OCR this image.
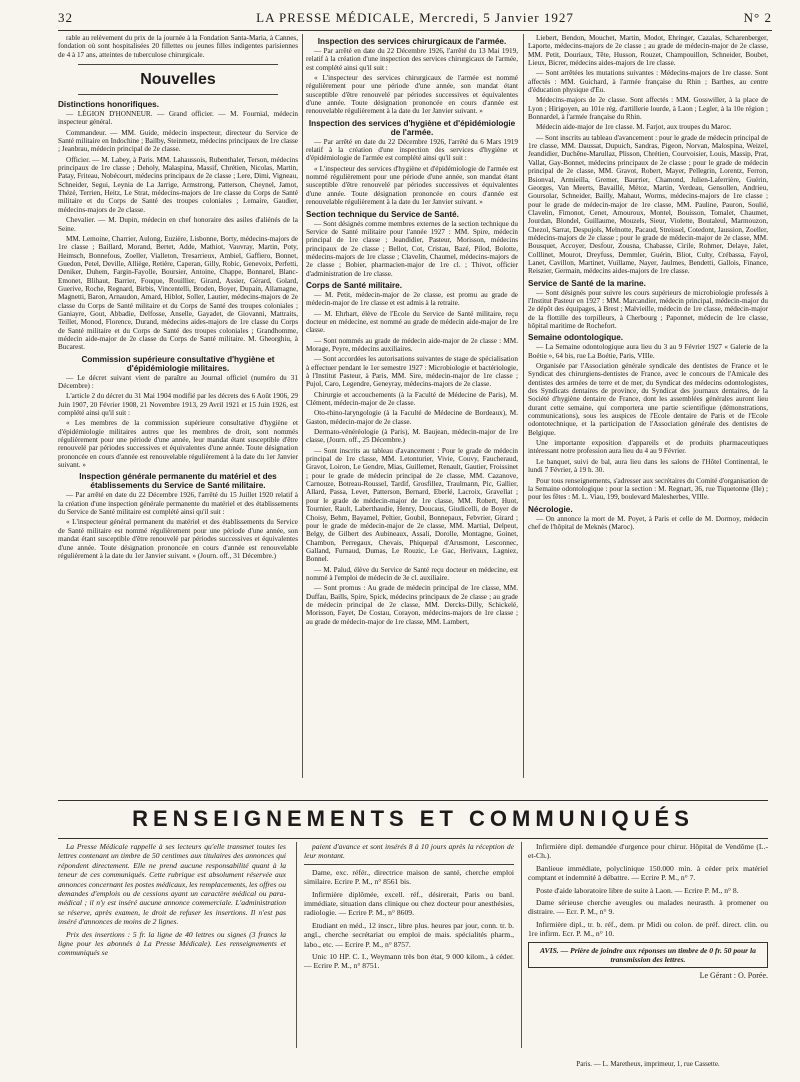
32	LA PRESSE MÉDICALE, Mercredi, 5 Janvier 1927	N° 2

rable au relèvement du prix de la journée à la Fondation Santa-Maria, à Cannes, fondation où sont hospitalisées 20 fillettes ou jeunes filles indigentes parisiennes de 4 à 17 ans, atteintes de tuberculose chirurgicale.

Nouvelles
Distinctions honorifiques.

— LÉGION D'HONNEUR. — Grand officier. — M. Fournial, médecin inspecteur général.

Commandeur. — MM. Guide, médecin inspecteur, directeur du Service de Santé militaire en Indochine ; Bailby, Steinmetz, médecins principaux de 1re classe ; Jeanbrau, médecin principal de 2e classe.

Officier. — M. Labey, à Paris. MM. Lahaussois, Rubenthaler, Terson, médecins principaux de 1re classe ; Deholy, Malaspina, Massif, Chrétien, Nicolas, Martin, Patay, Friteau, Nobécourt, médecins principaux de 2e classe ; Lere, Dimi, Vigneau, Schneider, Segui, Leynia de La Jarrige, Armstrong, Patterson, Cheynel, Jamot, Thézé, Terrien, Heitz, Le Strat, médecins-majors de 1re classe du Corps de Santé militaire et du Corps de Santé des troupes coloniales ; Lemaire, Gaudier, médecins-majors de 2e classe.

Chevalier. — M. Dupin, médecin en chef honoraire des asiles d'aliénés de la Seine.

MM. Lemoine, Charrier, Aulong, Euzière, Lisbonne, Borty, médecins-majors de 1re classe ; Baillard, Morand, Bertet, Adde, Mathiot, Vauvray, Martin, Poty, Heimsch, Bonnefous, Zoeller, Vialleton, Tresarrieux, Ambiel, Gaffiero, Bonnet, Guedon, Petel, Deville, Alliège, Retière, Caperan, Gilly, Robic, Genevoix, Perfetti, Deniker, Duhem, Fargin-Fayolle, Boursier, Antoine, Chappe, Bonnarel, Blanc-Emonet, Blihaut, Barrier, Fouque, Rouillier, Girard, Assier, Gérard, Golard, Guerive, Roche, Regnard, Birbis, Vincentelli, Broden, Boyer, Dupain, Allamagne, Magnetti, Baron, Arnaudon, Amard, Hiblot, Soller, Lautier, médecins-majors de 2e classe du Corps de Santé militaire et du Corps de Santé des troupes coloniales ; Ganiayre, Gout, Abbadie, Delfosse, Anselle, Gayadet, de Giovanni, Mattraits, Teillet, Monod, Florence, Durand, médecins aides-majors de 1re classe du Corps de Santé militaire et du Corps de Santé des troupes coloniales ; Grandhomme, médecin aide-major de 2e classe du Corps de Santé militaire. M. Gheorghiu, à Bucarest.

Commission supérieure consultative d'hygiène et d'épidémiologie militaires.

— Le décret suivant vient de paraître au Journal officiel (numéro du 31 Décembre) :

L'article 2 du décret du 31 Mai 1904 modifié par les décrets des 6 Août 1906, 29 Juin 1907, 20 Février 1908, 21 Novembre 1913, 29 Avril 1921 et 15 Juin 1926, est complété ainsi qu'il suit :

« Les membres de la commission supérieure consultative d'hygiène et d'épidémiologie militaires autres que les membres de droit, sont nommés régulièrement pour une période d'une année, leur mandat étant susceptible d'être renouvelé par périodes successives et équivalentes d'une année. Toute désignation prononcée en cours d'année est renouvelable régulièrement à la date du 1er Janvier suivant. »

Inspection générale permanente du matériel et des établissements du Service de Santé militaire.

— Par arrêté en date du 22 Décembre 1926, l'arrêté du 15 Juillet 1920 relatif à la création d'une inspection générale permanente du matériel et des établissements du Service de Santé militaire est complété ainsi qu'il suit :

« L'inspecteur général permanent du matériel et des établissements du Service de Santé militaire est nommé régulièrement pour une période d'une année, son mandat étant susceptible d'être renouvelé par périodes successives et équivalentes d'une année. Toute désignation prononcée en cours d'année est renouvelable régulièrement à la date du 1er Janvier suivant. » (Journ. off., 31 Décembre.)

Inspection des services chirurgicaux de l'armée.

— Par arrêté en date du 22 Décembre 1926, l'arrêté du 13 Mai 1919, relatif à la création d'une inspection des services chirurgicaux de l'armée, est complété ainsi qu'il suit :

« L'inspecteur des services chirurgicaux de l'armée est nommé régulièrement pour une période d'une année, son mandat étant susceptible d'être renouvelé par périodes successives et équivalentes d'une année. Toute désignation prononcée en cours d'année est renouvelable régulièrement à la date du 1er Janvier suivant. »

Inspection des services d'hygiène et d'épidémiologie de l'armée.

— Par arrêté en date du 22 Décembre 1926, l'arrêté du 6 Mars 1919 relatif à la création d'une inspection des services d'hygiène et d'épidémiologie de l'armée est complété ainsi qu'il suit :

« L'inspecteur des services d'hygiène et d'épidémiologie de l'armée est nommé régulièrement pour une période d'une année, son mandat étant susceptible d'être renouvelé par périodes successives et équivalentes d'une année. Toute désignation prononcée en cours d'année est renouvelable régulièrement à la date du 1er Janvier suivant. »

Section technique du Service de Santé.

— Sont désignés comme membres externes de la section technique du Service de Santé militaire pour l'année 1927 : MM. Spire, médecin principal de 1re classe ; Jeandidier, Pasteur, Morisson, médecins principaux de 2e classe ; Bellot, Cot, Cristau, Bazé, Pilod, Bolotte, médecins-majors de 1re classe ; Clavelin, Chaumel, médecins-majors de 2e classe ; Bobier, pharmacien-major de 1re cl. ; Thivot, officier d'administration de 1re classe.

Corps de Santé militaire.

— M. Petit, médecin-major de 2e classe, est promu au grade de médecin-major de 1re classe et est admis à la retraite.

— M. Ehrhart, élève de l'Ecole du Service de Santé militaire, reçu docteur en médecine, est nommé au grade de médecin aide-major de 1re classe.

— Sont nommés au grade de médecin aide-major de 2e classe : MM. Morage, Peyre, médecins auxiliaires.

— Sont accordées les autorisations suivantes de stage de spécialisation à effectuer pendant le 1er semestre 1927 : Microbiologie et bactériologie, à l'Institut Pasteur, à Paris, MM. Sire, médecin-major de 1re classe ; Pujol, Caro, Legendre, Geneyray, médecins-majors de 2e classe.

Chirurgie et accouchements (à la Faculté de Médecine de Paris), M. Clément, médecin-major de 2e classe.

Oto-rhino-laryngologie (à la Faculté de Médecine de Bordeaux), M. Gaston, médecin-major de 2e classe.

Dermato-vénéréologie (à Paris), M. Baujean, médecin-major de 1re classe, (Journ. off., 25 Décembre.)

— Sont inscrits au tableau d'avancement : Pour le grade de médecin principal de 1re classe, MM. Letonturier, Vivie, Couvy, Faucheraud, Gravot, Loiron, Le Gendre, Mias, Guillemet, Renault, Gautier, Froissinet ; pour le grade de médecin principal de 2e classe, MM. Cazanove, Carnouze, Botreau-Roussel, Tardif, Grosfillez, Traulmann, Pic, Gallier, Allard, Passa, Levet, Patterson, Bernard, Eberlé, Lacroix, Gravellat ; pour le grade de médecin-major de 1re classe, MM. Robert, Huot, Tournier, Rault, Laberthaudie, Henry, Doucaus, Giudicelli, de Boyer de Choisy, Behm, Bayamel, Peltier, Goubil, Bonnepaux, Febvrier, Girard ; pour le grade de médecin-major de 2e classe, MM. Martial, Delpeut, Belgy, de Gilbert des Aubineaux, Assali, Dorolle, Montagne, Goinet, Chambon, Perregaux, Chevais, Phiquepal d'Arusmont, Lesconnec, Galland, Furnaud, Dumas, Le Rouzic, Le Gac, Herivaux, Lagniez, Bonnel.

— M. Palud, élève du Service de Santé reçu docteur en médecine, est nommé à l'emploi de médecin de 3e cl. auxiliaire.

— Sont promus : Au grade de médecin principal de 1re classe, MM. Duffau, Baills, Spire, Spick, médecins principaux de 2e classe ; au grade de médecin principal de 2e classe, MM. Dercks-Dilly, Schickelé, Morisson, Fayet, De Costau, Corayon, médecins-majors de 1re classe ; au grade de médecin-major de 1re classe, MM. Lambert,

Liebert, Bendon, Mouchet, Martin, Modot, Ehringer, Cazalas, Scharenberger, Laporte, médecins-majors de 2e classe ; au grade de médecin-major de 2e classe, MM. Petit, Douriaux, Tête, Husson, Rouzet, Champouillon, Schneider, Boubet, Lieux, Bicrer, médecins aides-majors de 1re classe.

— Sont arrêtées les mutations suivantes : Médecins-majors de 1re classe. Sont affectés : MM. Guichard, à l'armée française du Rhin ; Barthes, au centre d'éducation physique d'Eu.

Médecins-majors de 2e classe. Sont affectés : MM. Gosswiller, à la place de Lyon ; Hirigoyen, au 101e rég. d'artillerie lourde, à Laon ; Legler, à la 10e région ; Bonnardel, à l'armée française du Rhin.

Médecin aide-major de 1re classe. M. Farjot, aux troupes du Maroc.

— Sont inscrits au tableau d'avancement : pour le grade de médecin principal de 1re classe, MM. Daussat, Dupuich, Sandras, Pigeon, Norvan, Malospina, Weizel, Jeandidier, Duchêne-Marullaz, Plisson, Chrétien, Courvoisier, Louis, Massip, Prat, Vallat, Gay-Bonnet, médecins principaux de 2e classe ; pour le grade de médecin principal de 2e classe, MM. Gravot, Robert, Mayer, Pellegrin, Lorentz, Ferron, Bsionval, Armieilla, Gremer, Baurrier, Chamond, Julien-Laferrière, Guérin, Georges, Van Meerts, Bavaillé, Métoz, Martin, Verdeau, Gensollen, Andrieu, Goursolar, Schneider, Bailly, Mahaut, Worms, médecins-majors de 1re classe ; pour le grade de médecin-major de 1re classe, MM. Pauline, Pauron, Soulié, Clavelin, Fimonot, Cenet, Amouroux, Montel, Bouisson, Tomalet, Chaumet, Jourdan, Blondel, Guillaume, Mouzels, Sieur, Violette, Boutaleul, Marmouzon, Chezol, Sarrat, Despujols, Melnotte, Pacaud, Streissel, Cotedont, Jaussion, Zoeller, médecins-majors de 2e classe ; pour le grade de médecin-major de 2e classe, MM. Bousquet, Accoyer, Desfour, Zousna, Chabasse, Cirile, Rohmer, Delaye, Jalet, Colllinet, Mourot, Dreyfuss, Demmler, Guérin, Bliot, Culty, Crébassa, Fayol, Lanet, Cavillon, Martinet, Vuillame, Nayer, Jaulmes, Bendetti, Gallois, Finance, Reiszier, Germain, médecins aides-majors de 1re classe.

Service de Santé de la marine.

— Sont désignés pour suivre les cours supérieurs de microbiologie professés à l'Institut Pasteur en 1927 : MM. Marcandier, médecin principal, médecin-major du 2e dépôt des équipages, à Brest ; Malvieille, médecin de 1re classe, médecin-major de la flottille des torpilleurs, à Cherbourg ; Paponnet, médecin de 1re classe, hôpital maritime de Rochefort.

Semaine odontologique.

— La Semaine odontologique aura lieu du 3 au 9 Février 1927 « Galerie de la Boétie », 64 bis, rue La Boétie, Paris, VIIIe.

Organisée par l'Association générale syndicale des dentistes de France et le Syndicat des chirurgiens-dentistes de France, avec le concours de l'Amicale des dentistes des armées de terre et de mer, du Syndicat des médecins odontologistes, des Syndicats dentaires de province, du Syndicat des journaux dentaires, de la Société d'hygiène dentaire de France, dont les assemblées générales auront lieu durant cette semaine, qui comportera une partie scientifique (démonstrations, communications), sous les auspices de l'Ecole dentaire de Paris et de l'Ecole odontotechnique, et la participation de l'Association générale des dentistes de Belgique.

Une importante exposition d'appareils et de produits pharmaceutiques intéressant notre profession aura lieu du 4 au 9 Février.

Le banquet, suivi de bal, aura lieu dans les salons de l'Hôtel Continental, le lundi 7 Février, à 19 h. 30.

Pour tous renseignements, s'adresser aux secrétaires du Comité d'organisation de la Semaine odontologique : pour la section : M. Regnart, 36, rue Tiquetonne (IIe) ; pour les fêtes : M. L. Viau, 199, boulevard Malesherbes, VIIIe.

Nécrologie.

— On annonce la mort de M. Poyet, à Paris et celle de M. Dormoy, médecin chef de l'hôpital de Meknès (Maroc).

RENSEIGNEMENTS ET COMMUNIQUÉS

La Presse Médicale rappelle à ses lecteurs qu'elle transmet toutes les lettres contenant un timbre de 50 centimes aux titulaires des annonces qui répondent directement. Elle ne prend aucune responsabilité quant à la teneur de ces communiqués. Cette rubrique est absolument réservée aux annonces concernant les postes médicaux, les remplacements, les offres ou demandes d'emplois ou de cessions ayant un caractère médical ou para-médical ; il n'y est inséré aucune annonce commerciale. L'administration se réserve, après examen, le droit de refuser les insertions. Il n'est pas inséré d'annonces de moins de 2 lignes.

Prix des insertions : 5 fr. la ligne de 40 lettres ou signes (3 francs la ligne pour les abonnés à La Presse Médicale). Les renseignements et communiqués se

paient d'avance et sont insérés 8 à 10 jours après la réception de leur montant.

Dame, exc. référ., directrice maison de santé, cherche emploi similaire. Ecrire P. M., n° 8561 bis.

Infirmière diplômée, excell. réf., désirerait, Paris ou banl. immédiate, situation dans clinique ou chez docteur pour anesthésies, radiologie. — Ecrire P. M., n° 8609.

Etudiant en méd., 12 inscr., libre plus. heures par jour, conn. tr. b. angl., cherche secrétariat ou emploi de mais. spécialités pharm., labo., etc. — Ecrire P. M., n° 8757.

Unic 10 HP. C. I., Weymann très bon état, 9 000 kilom., à céder. — Ecrire P. M., n° 8751.

Infirmière dipl. demandée d'urgence pour chirur. Hôpital de Vendôme (L.-et-Ch.).

Banlieue immédiate, polyclinique 150.000 min. à céder prix matériel comptant et indemnité à débattre. — Ecrire P. M., n° 7.

Poste d'aide laboratoire libre de suite à Laon. — Ecrire P. M., n° 8.

Dame sérieuse cherche aveugles ou malades neurasth. à promener ou distraire. — Ecr. P. M., n° 9.

Infirmière dipl., tr. b. réf., dem. pr Midi ou colon. de préf. direct. clin. ou 1re infirm. Ecr. P. M., n° 10.

AVIS. — Prière de joindre aux réponses un timbre de 0 fr. 50 pour la transmission des lettres.
Le Gérant : O. Porée.
Paris. — L. Maretheux, imprimeur, 1, rue Cassette.
